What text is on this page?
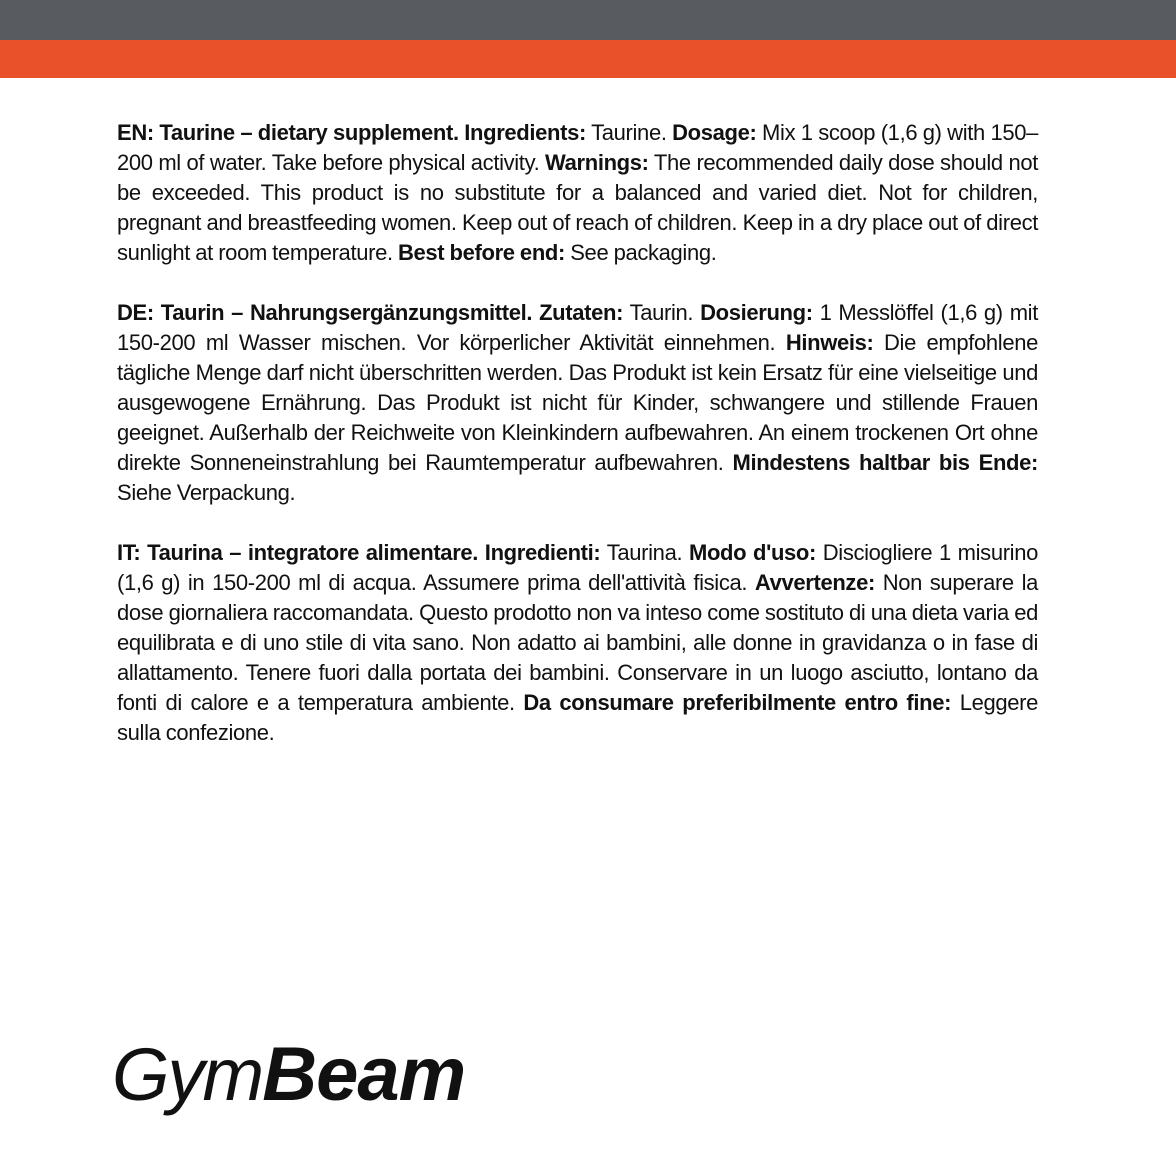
EN: Taurine – dietary supplement. Ingredients: Taurine. Dosage: Mix 1 scoop (1,6 g) with 150–200 ml of water. Take before physical activity. Warnings: The recommended daily dose should not be exceeded. This product is no substitute for a balanced and varied diet. Not for children, pregnant and breastfeeding women. Keep out of reach of children. Keep in a dry place out of direct sunlight at room temperature. Best before end: See packaging.

DE: Taurin – Nahrungsergänzungsmittel. Zutaten: Taurin. Dosierung: 1 Messlöffel (1,6 g) mit 150-200 ml Wasser mischen. Vor körperlicher Aktivität einnehmen. Hinweis: Die empfohlene tägliche Menge darf nicht überschritten werden. Das Produkt ist kein Ersatz für eine vielseitige und ausgewogene Ernährung. Das Produkt ist nicht für Kinder, schwangere und stillende Frauen geeignet. Außerhalb der Reichweite von Kleinkindern aufbewahren. An einem trockenen Ort ohne direkte Sonneneinstrahlung bei Raumtemperatur aufbewahren. Mindestens haltbar bis Ende: Siehe Verpackung.

IT: Taurina – integratore alimentare. Ingredienti: Taurina. Modo d'uso: Disciogliere 1 misurino (1,6 g) in 150-200 ml di acqua. Assumere prima dell'attività fisica. Avvertenze: Non superare la dose giornaliera raccomandata. Questo prodotto non va inteso come sostituto di una dieta varia ed equilibrata e di uno stile di vita sano. Non adatto ai bambini, alle donne in gravidanza o in fase di allattamento. Tenere fuori dalla portata dei bambini. Conservare in un luogo asciutto, lontano da fonti di calore e a temperatura ambiente. Da consumare preferibilmente entro fine: Leggere sulla confezione.

Gym Beam
